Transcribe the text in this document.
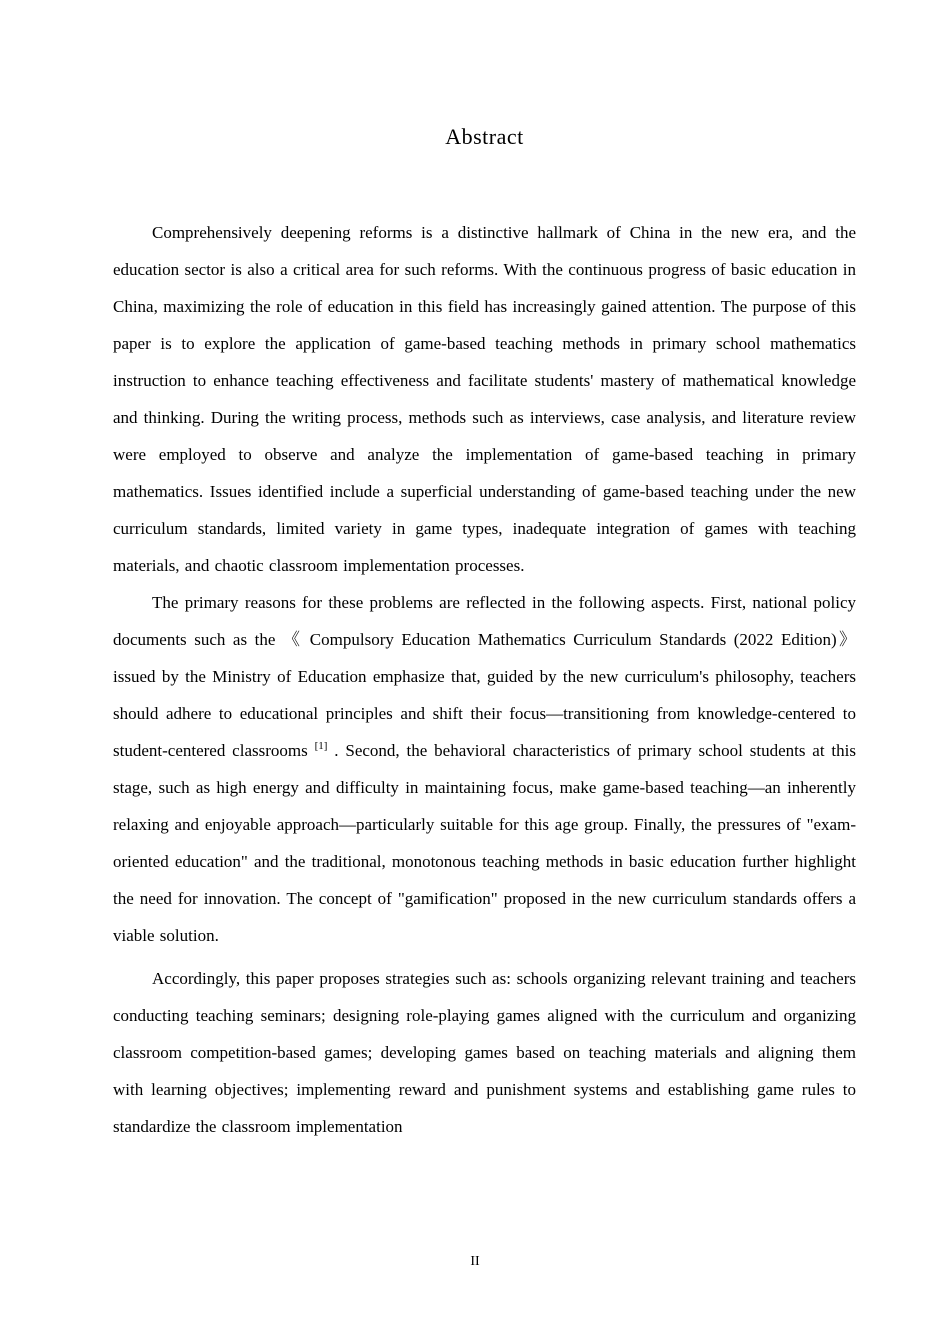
Abstract

Comprehensively deepening reforms is a distinctive hallmark of China in the new era, and the education sector is also a critical area for such reforms. With the continuous progress of basic education in China, maximizing the role of education in this field has increasingly gained attention. The purpose of this paper is to explore the application of game-based teaching methods in primary school mathematics instruction to enhance teaching effectiveness and facilitate students' mastery of mathematical knowledge and thinking. During the writing process, methods such as interviews, case analysis, and literature review were employed to observe and analyze the implementation of game-based teaching in primary mathematics. Issues identified include a superficial understanding of game-based teaching under the new curriculum standards, limited variety in game types, inadequate integration of games with teaching materials, and chaotic classroom implementation processes.

The primary reasons for these problems are reflected in the following aspects. First, national policy documents such as the 《 Compulsory Education Mathematics Curriculum Standards (2022 Edition)》 issued by the Ministry of Education emphasize that, guided by the new curriculum's philosophy, teachers should adhere to educational principles and shift their focus—transitioning from knowledge-centered to student-centered classrooms [1] . Second, the behavioral characteristics of primary school students at this stage, such as high energy and difficulty in maintaining focus, make game-based teaching—an inherently relaxing and enjoyable approach—particularly suitable for this age group. Finally, the pressures of "exam-oriented education" and the traditional, monotonous teaching methods in basic education further highlight the need for innovation. The concept of "gamification" proposed in the new curriculum standards offers a viable solution.

Accordingly, this paper proposes strategies such as: schools organizing relevant training and teachers conducting teaching seminars; designing role-playing games aligned with the curriculum and organizing classroom competition-based games; developing games based on teaching materials and aligning them with learning objectives; implementing reward and punishment systems and establishing game rules to standardize the classroom implementation

II
